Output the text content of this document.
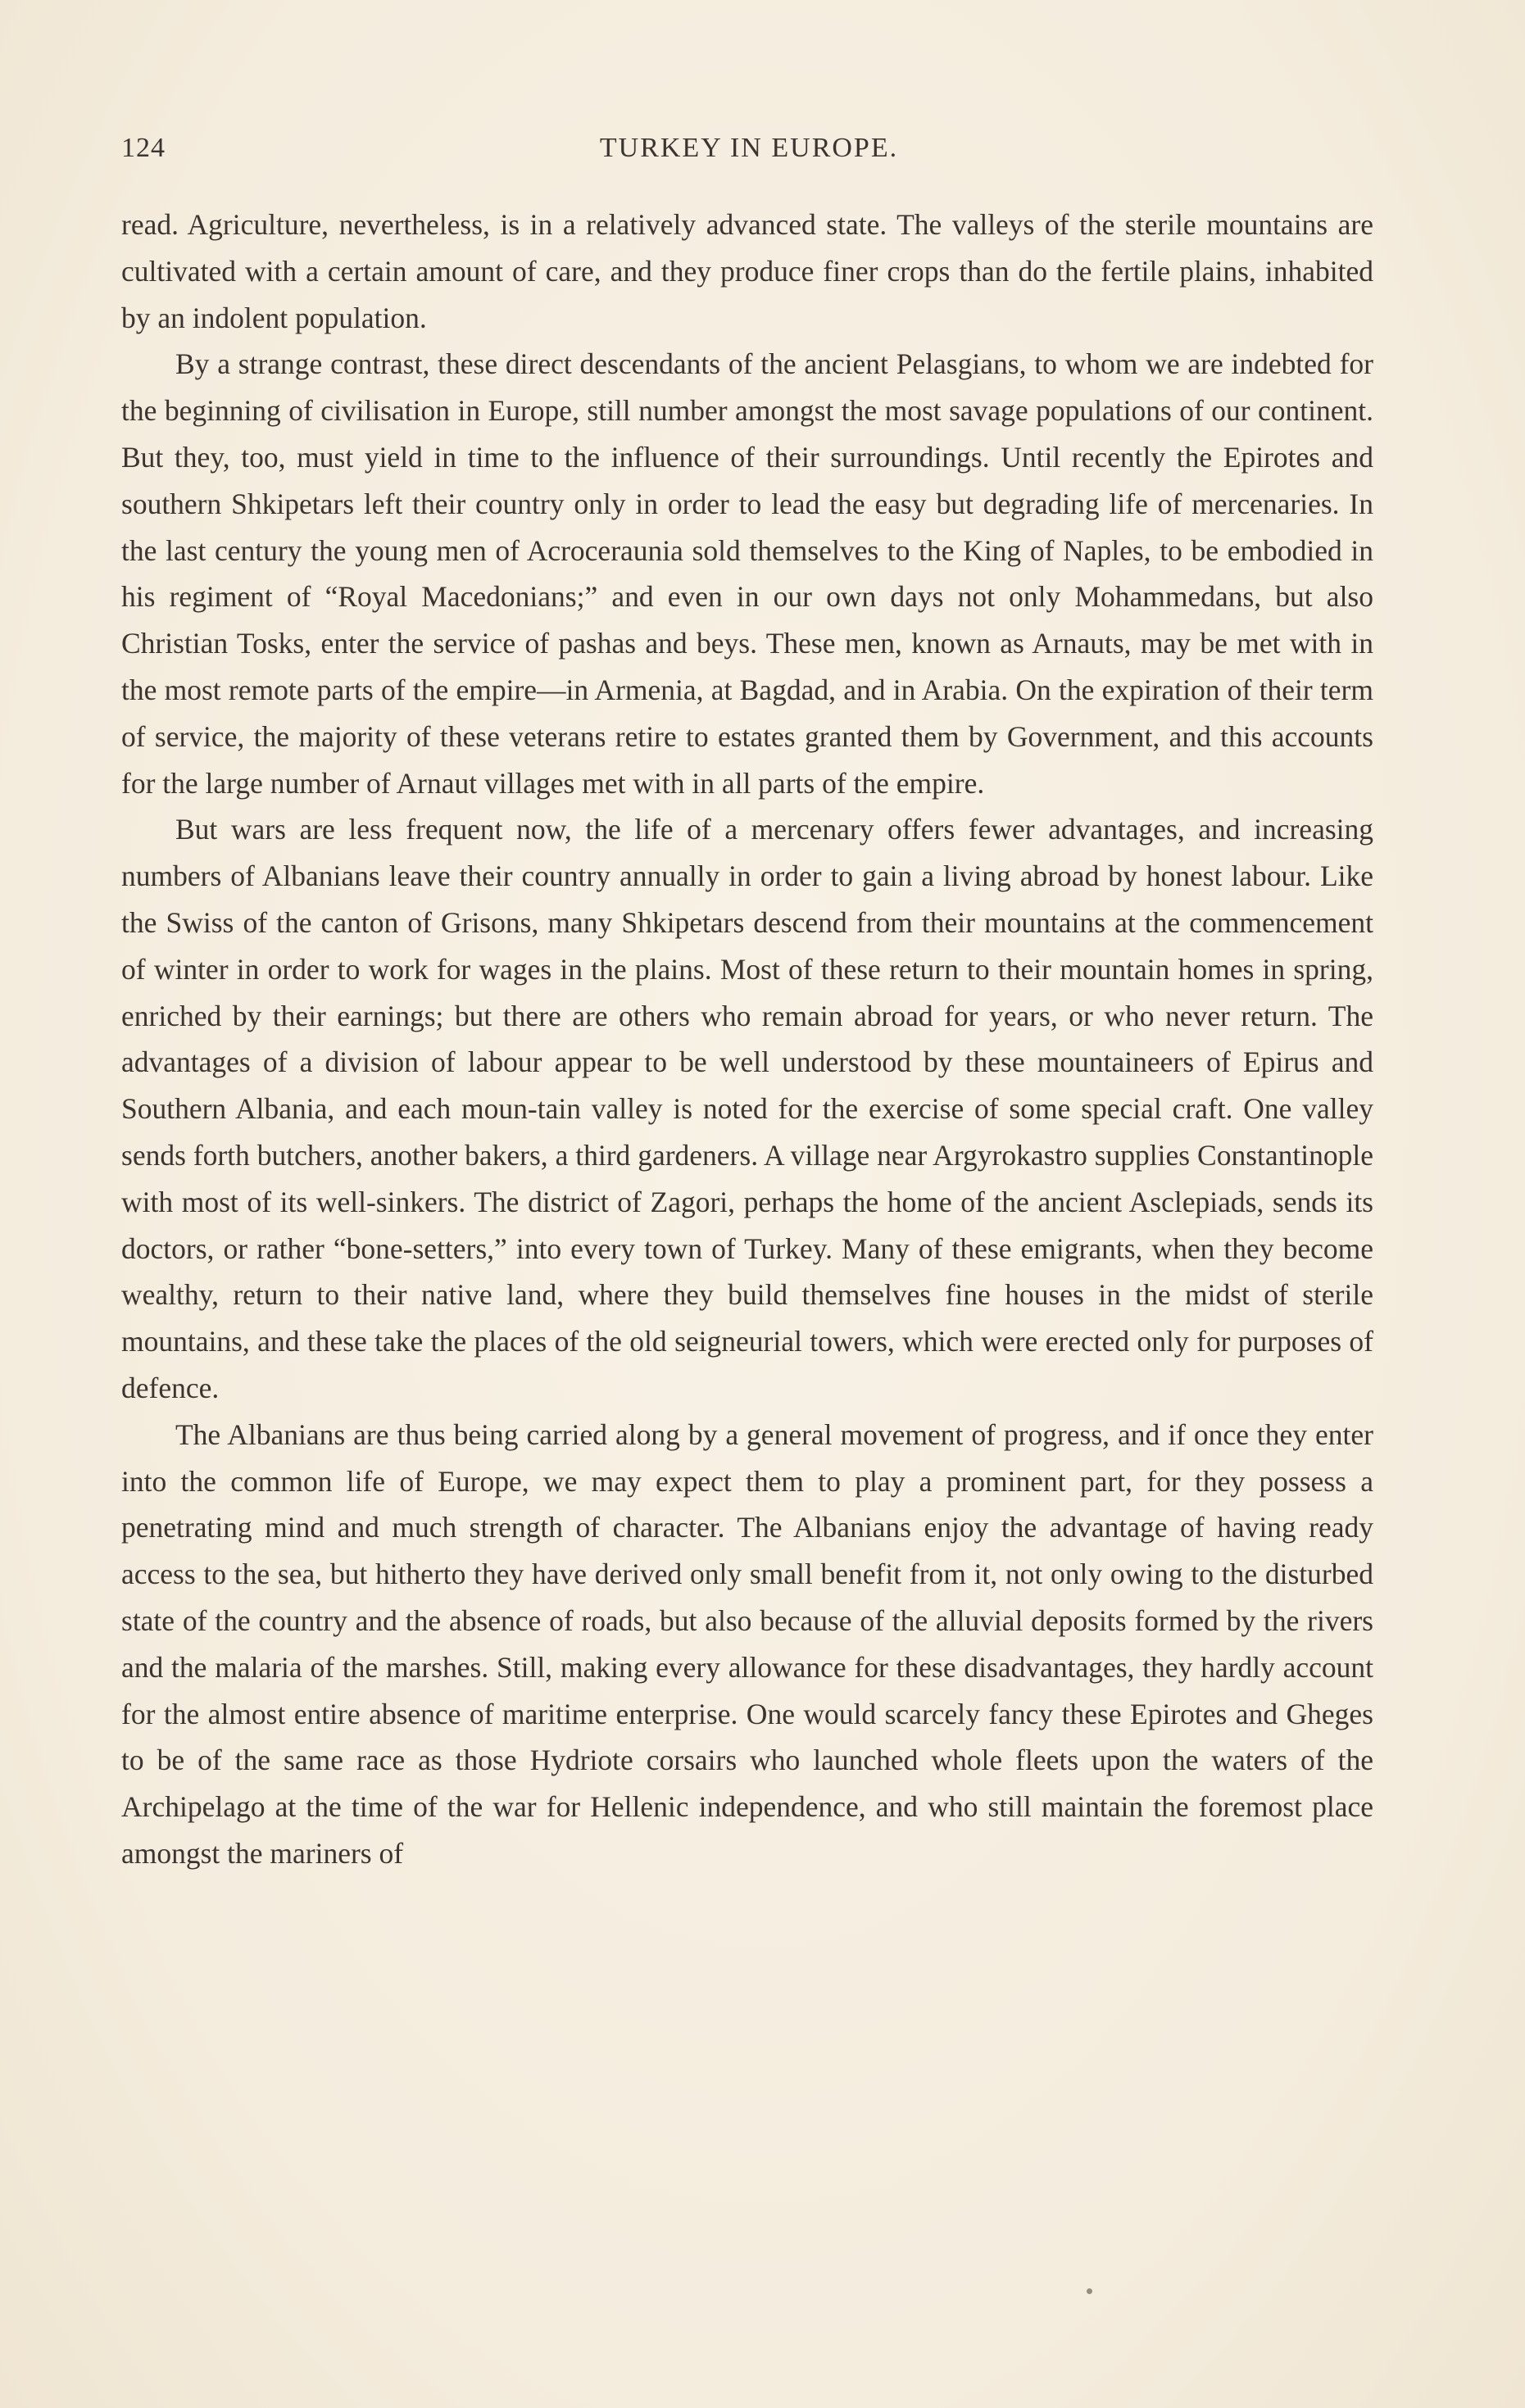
124	TURKEY IN EUROPE.

read. Agriculture, nevertheless, is in a relatively advanced state. The valleys of the sterile mountains are cultivated with a certain amount of care, and they produce finer crops than do the fertile plains, inhabited by an indolent population.

By a strange contrast, these direct descendants of the ancient Pelasgians, to whom we are indebted for the beginning of civilisation in Europe, still number amongst the most savage populations of our continent. But they, too, must yield in time to the influence of their surroundings. Until recently the Epirotes and southern Shkipetars left their country only in order to lead the easy but degrading life of mercenaries. In the last century the young men of Acroceraunia sold themselves to the King of Naples, to be embodied in his regiment of “Royal Macedonians;” and even in our own days not only Mohammedans, but also Christian Tosks, enter the service of pashas and beys. These men, known as Arnauts, may be met with in the most remote parts of the empire—in Armenia, at Bagdad, and in Arabia. On the expiration of their term of service, the majority of these veterans retire to estates granted them by Government, and this accounts for the large number of Arnaut villages met with in all parts of the empire.

But wars are less frequent now, the life of a mercenary offers fewer advantages, and increasing numbers of Albanians leave their country annually in order to gain a living abroad by honest labour. Like the Swiss of the canton of Grisons, many Shkipetars descend from their mountains at the commencement of winter in order to work for wages in the plains. Most of these return to their mountain homes in spring, enriched by their earnings; but there are others who remain abroad for years, or who never return. The advantages of a division of labour appear to be well understood by these mountaineers of Epirus and Southern Albania, and each moun-tain valley is noted for the exercise of some special craft. One valley sends forth butchers, another bakers, a third gardeners. A village near Argyrokastro supplies Constantinople with most of its well-sinkers. The district of Zagori, perhaps the home of the ancient Asclepiads, sends its doctors, or rather “bone-setters,” into every town of Turkey. Many of these emigrants, when they become wealthy, return to their native land, where they build themselves fine houses in the midst of sterile mountains, and these take the places of the old seigneurial towers, which were erected only for purposes of defence.

The Albanians are thus being carried along by a general movement of progress, and if once they enter into the common life of Europe, we may expect them to play a prominent part, for they possess a penetrating mind and much strength of character. The Albanians enjoy the advantage of having ready access to the sea, but hitherto they have derived only small benefit from it, not only owing to the disturbed state of the country and the absence of roads, but also because of the alluvial deposits formed by the rivers and the malaria of the marshes. Still, making every allowance for these disadvantages, they hardly account for the almost entire absence of maritime enterprise. One would scarcely fancy these Epirotes and Gheges to be of the same race as those Hydriote corsairs who launched whole fleets upon the waters of the Archipelago at the time of the war for Hellenic independence, and who still maintain the foremost place amongst the mariners of
